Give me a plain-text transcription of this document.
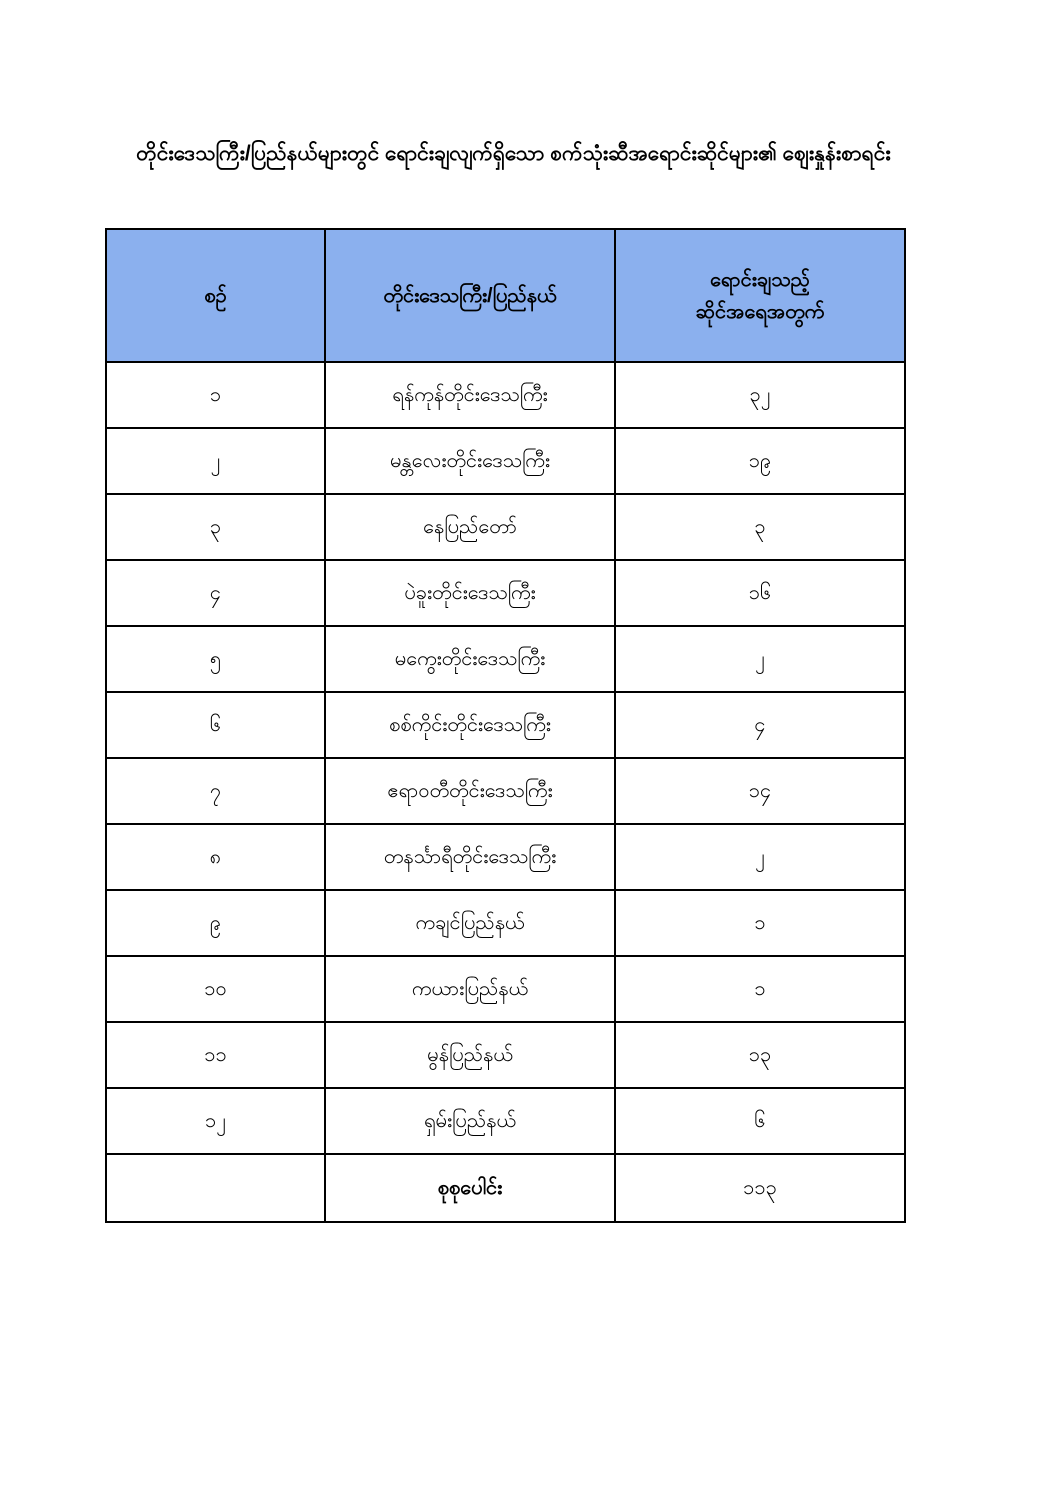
တိုင်းဒေသကြီး/ပြည်နယ်များတွင် ရောင်းချလျက်ရှိသော စက်သုံးဆီအရောင်းဆိုင်များ၏ ဈေးနှုန်းစာရင်း
စဉ်	တိုင်းဒေသကြီး/ပြည်နယ်	ရောင်းချသည့်
ဆိုင်အရေအတွက်

၁	ရန်ကုန်တိုင်းဒေသကြီး	၃၂
၂	မန္တလေးတိုင်းဒေသကြီး	၁၉
၃	နေပြည်တော်	၃
၄	ပဲခူးတိုင်းဒေသကြီး	၁၆
၅	မကွေးတိုင်းဒေသကြီး	၂
၆	စစ်ကိုင်းတိုင်းဒေသကြီး	၄
၇	ဧရာဝတီတိုင်းဒေသကြီး	၁၄
၈	တနင်္သာရီတိုင်းဒေသကြီး	၂
၉	ကချင်ပြည်နယ်	၁
၁၀	ကယားပြည်နယ်	၁
၁၁	မွန်ပြည်နယ်	၁၃
၁၂	ရှမ်းပြည်နယ်	၆
	စုစုပေါင်း	၁၁၃
